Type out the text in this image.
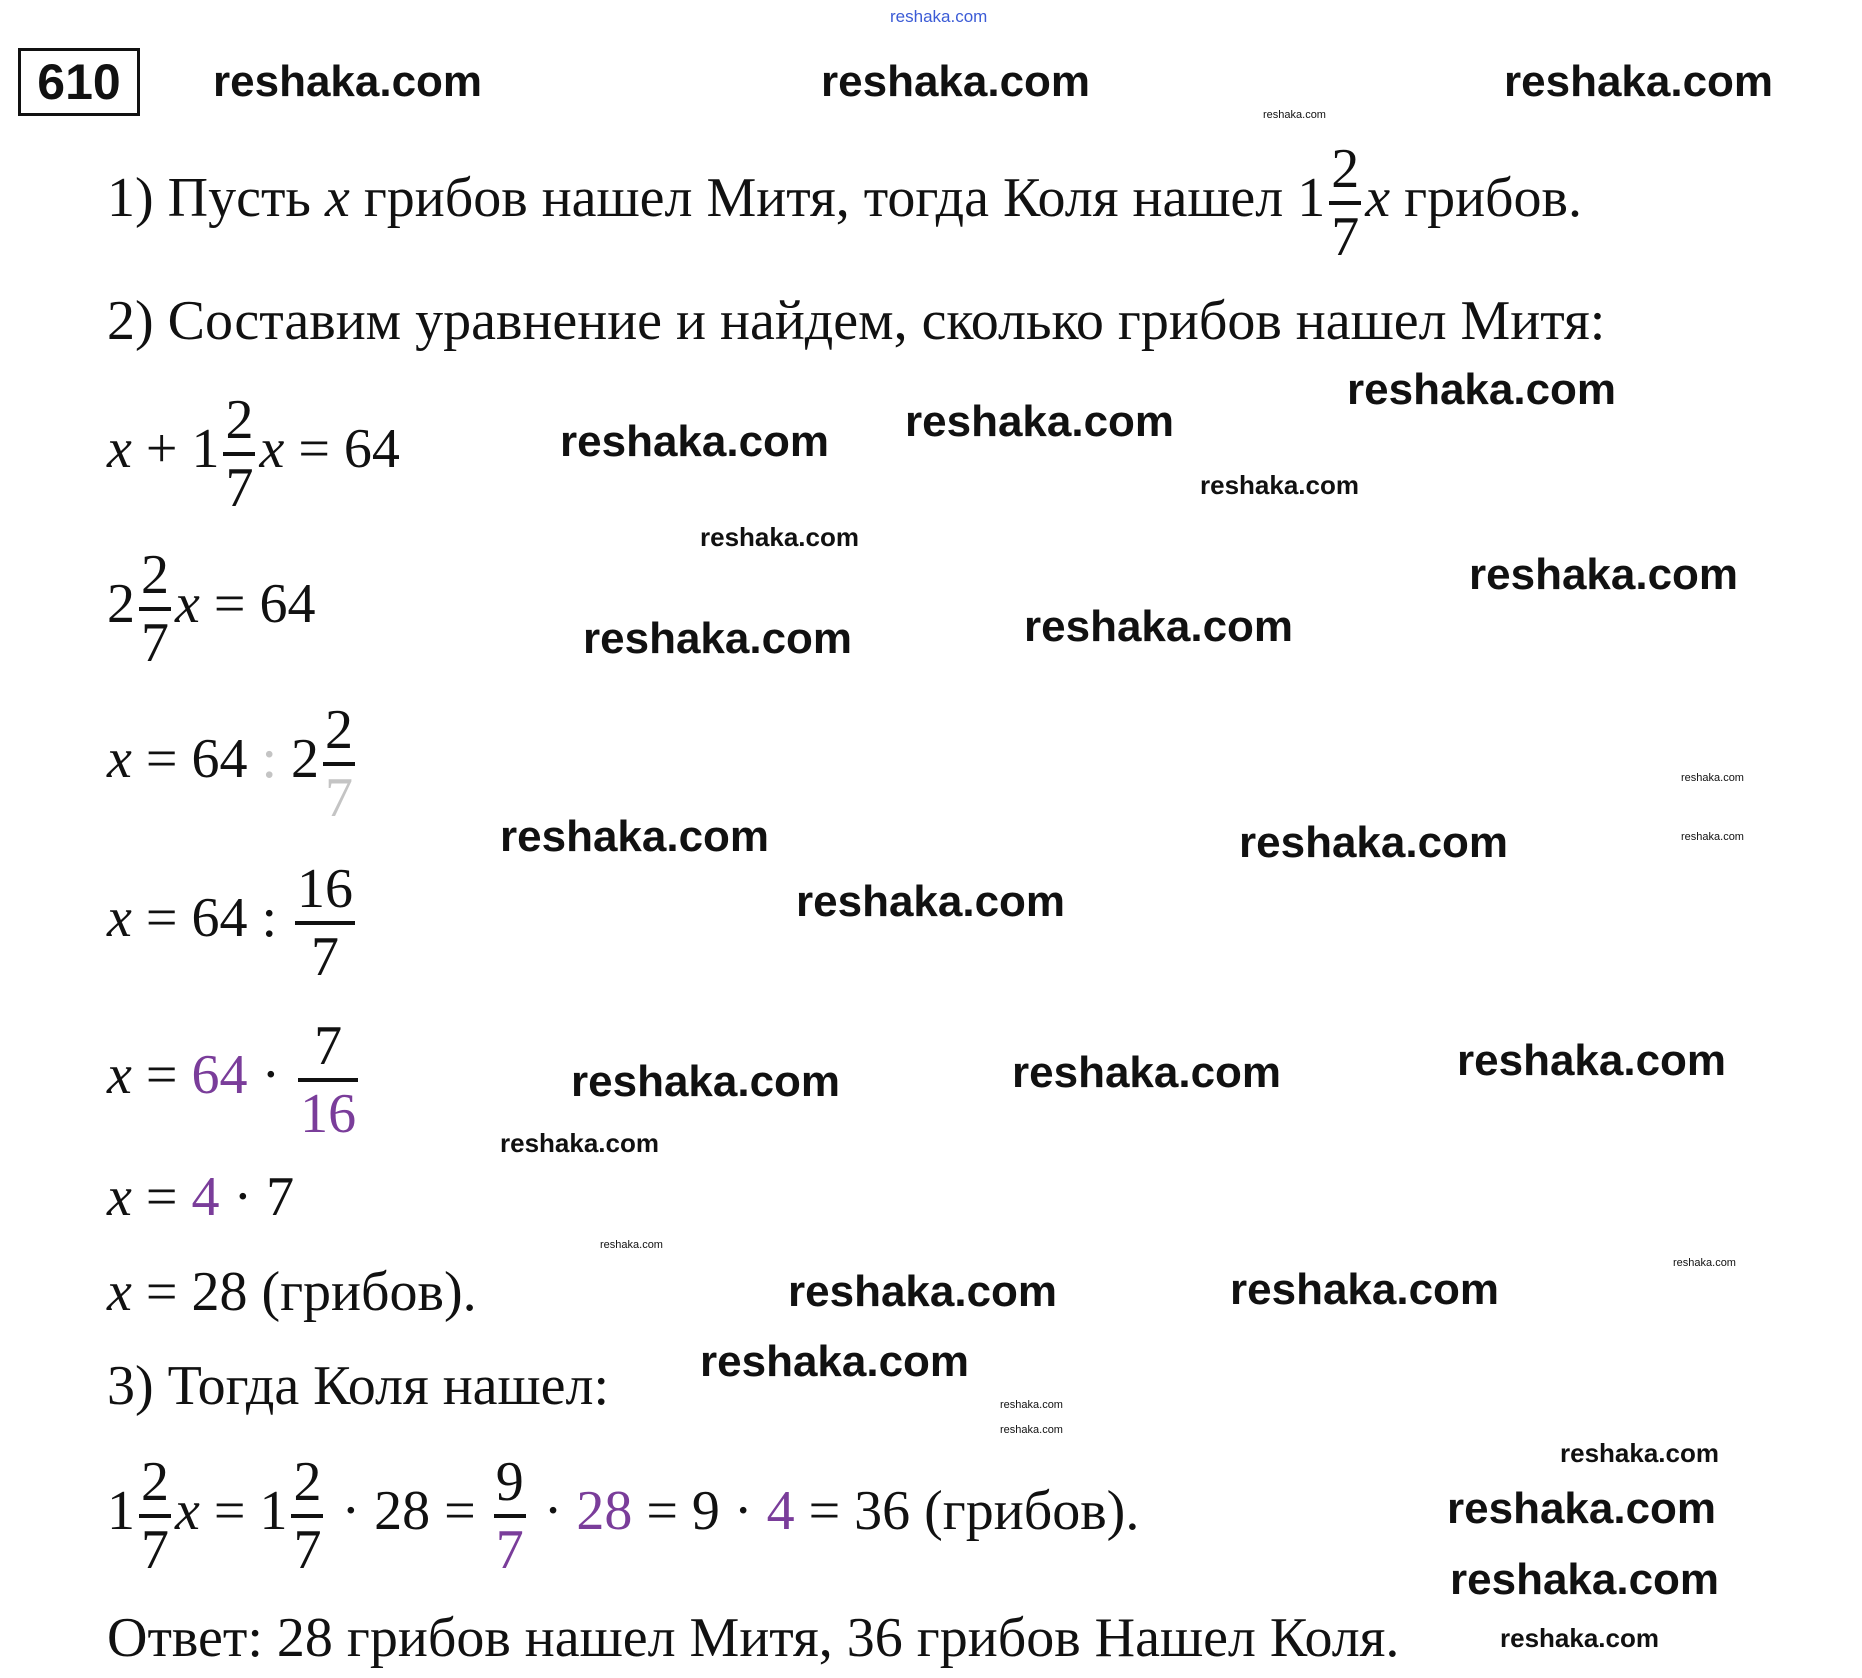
reshaka.com
610
1) Пусть x грибов нашел Митя, тогда Коля нашел $1 \frac{2}{7}$ x грибов.
2) Составим уравнение и найдем, сколько грибов нашел Митя:
$x + 1 \frac{2}{7}$ x = 64
$2 \frac{2}{7}$ x = 64
x = 64 : $2 \frac{2}{7}$
x = 64 : $\frac{16}{7}$
$x = 64 \cdot \frac{7}{16}$
x = 4 · 7
x = 28 (грибов).
3) Тогда Коля нашел:
$1 \frac{2}{7}$ $x = 1 \frac{2}{7} \cdot 28 = \frac{9}{7} \cdot 28 = 9 \cdot 4 = 36$ (грибов).
Ответ: 28 грибов нашел Митя, 36 грибов Нашел Коля.
reshaka.com	reshaka.com	reshaka.com
reshaka.com
reshaka.com reshaka.com
reshaka.com
reshaka.com	reshaka.com
reshaka.com
reshaka.com
reshaka.com
reshaka.com	reshaka.com	reshaka.com
reshaka.com	reshaka.com
reshaka.com
reshaka.com
reshaka.com
reshaka.com
reshaka.com
reshaka.com
reshaka.com
reshaka.com
reshaka.com
reshaka.com
reshaka.com
reshaka.com
reshaka.com
reshaka.com
reshaka.com
